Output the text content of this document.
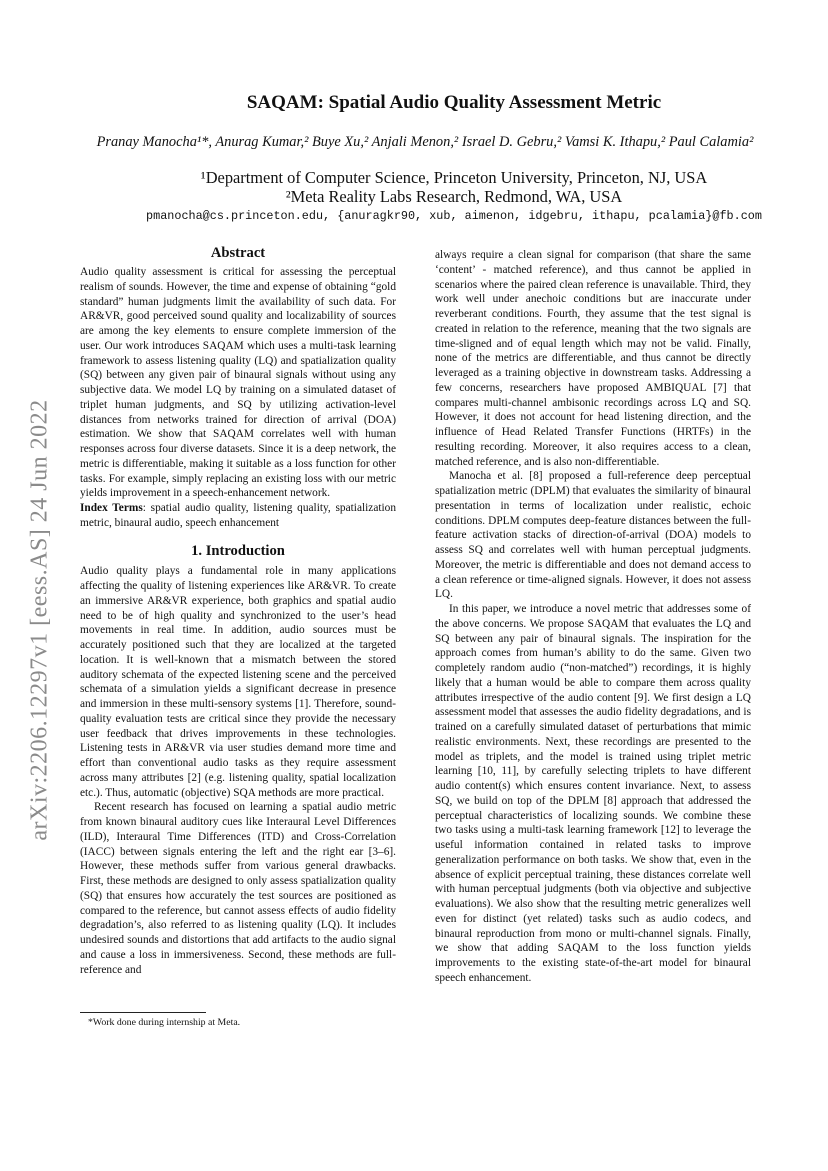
arXiv:2206.12297v1 [eess.AS] 24 Jun 2022
SAQAM: Spatial Audio Quality Assessment Metric
Pranay Manocha¹*, Anurag Kumar,² Buye Xu,² Anjali Menon,² Israel D. Gebru,² Vamsi K. Ithapu,² Paul Calamia²
¹Department of Computer Science, Princeton University, Princeton, NJ, USA
²Meta Reality Labs Research, Redmond, WA, USA
pmanocha@cs.princeton.edu, {anuragkr90, xub, aimenon, idgebru, ithapu, pcalamia}@fb.com
Abstract

Audio quality assessment is critical for assessing the perceptual realism of sounds. However, the time and expense of obtaining “gold standard” human judgments limit the availability of such data. For AR&VR, good perceived sound quality and localizability of sources are among the key elements to ensure complete immersion of the user. Our work introduces SAQAM which uses a multi-task learning framework to assess listening quality (LQ) and spatialization quality (SQ) between any given pair of binaural signals without using any subjective data. We model LQ by training on a simulated dataset of triplet human judgments, and SQ by utilizing activation-level distances from networks trained for direction of arrival (DOA) estimation. We show that SAQAM correlates well with human responses across four diverse datasets. Since it is a deep network, the metric is differentiable, making it suitable as a loss function for other tasks. For example, simply replacing an existing loss with our metric yields improvement in a speech-enhancement network.

Index Terms: spatial audio quality, listening quality, spatialization metric, binaural audio, speech enhancement

1. Introduction

Audio quality plays a fundamental role in many applications affecting the quality of listening experiences like AR&VR. To create an immersive AR&VR experience, both graphics and spatial audio need to be of high quality and synchronized to the user’s head movements in real time. In addition, audio sources must be accurately positioned such that they are localized at the targeted location. It is well-known that a mismatch between the stored auditory schemata of the expected listening scene and the perceived schemata of a simulation yields a significant decrease in presence and immersion in these multi-sensory systems [1]. Therefore, sound-quality evaluation tests are critical since they provide the necessary user feedback that drives improvements in these technologies. Listening tests in AR&VR via user studies demand more time and effort than conventional audio tasks as they require assessment across many attributes [2] (e.g. listening quality, spatial localization etc.). Thus, automatic (objective) SQA methods are more practical.

Recent research has focused on learning a spatial audio metric from known binaural auditory cues like Interaural Level Differences (ILD), Interaural Time Differences (ITD) and Cross-Correlation (IACC) between signals entering the left and the right ear [3–6]. However, these methods suffer from various general drawbacks. First, these methods are designed to only assess spatialization quality (SQ) that ensures how accurately the test sources are positioned as compared to the reference, but cannot assess effects of audio fidelity degradation’s, also referred to as listening quality (LQ). It includes undesired sounds and distortions that add artifacts to the audio signal and cause a loss in immersiveness. Second, these methods are full-reference and

always require a clean signal for comparison (that share the same ‘content’ - matched reference), and thus cannot be applied in scenarios where the paired clean reference is unavailable. Third, they work well under anechoic conditions but are inaccurate under reverberant conditions. Fourth, they assume that the test signal is created in relation to the reference, meaning that the two signals are time-sligned and of equal length which may not be valid. Finally, none of the metrics are differentiable, and thus cannot be directly leveraged as a training objective in downstream tasks. Addressing a few concerns, researchers have proposed AMBIQUAL [7] that compares multi-channel ambisonic recordings across LQ and SQ. However, it does not account for head listening direction, and the influence of Head Related Transfer Functions (HRTFs) in the resulting recording. Moreover, it also requires access to a clean, matched reference, and is also non-differentiable.

Manocha et al. [8] proposed a full-reference deep perceptual spatialization metric (DPLM) that evaluates the similarity of binaural presentation in terms of localization under realistic, echoic conditions. DPLM computes deep-feature distances between the full-feature activation stacks of direction-of-arrival (DOA) models to assess SQ and correlates well with human perceptual judgments. Moreover, the metric is differentiable and does not demand access to a clean reference or time-aligned signals. However, it does not assess LQ.

In this paper, we introduce a novel metric that addresses some of the above concerns. We propose SAQAM that evaluates the LQ and SQ between any pair of binaural signals. The inspiration for the approach comes from human’s ability to do the same. Given two completely random audio (“non-matched”) recordings, it is highly likely that a human would be able to compare them across quality attributes irrespective of the audio content [9]. We first design a LQ assessment model that assesses the audio fidelity degradations, and is trained on a carefully simulated dataset of perturbations that mimic realistic environments. Next, these recordings are presented to the model as triplets, and the model is trained using triplet metric learning [10, 11], by carefully selecting triplets to have different audio content(s) which ensures content invariance. Next, to assess SQ, we build on top of the DPLM [8] approach that addressed the perceptual characteristics of localizing sounds. We combine these two tasks using a multi-task learning framework [12] to leverage the useful information contained in related tasks to improve generalization performance on both tasks. We show that, even in the absence of explicit perceptual training, these distances correlate well with human perceptual judgments (both via objective and subjective evaluations). We also show that the resulting metric generalizes well even for distinct (yet related) tasks such as audio codecs, and binaural reproduction from mono or multi-channel signals. Finally, we show that adding SAQAM to the loss function yields improvements to the existing state-of-the-art model for binaural speech enhancement.

*Work done during internship at Meta.
